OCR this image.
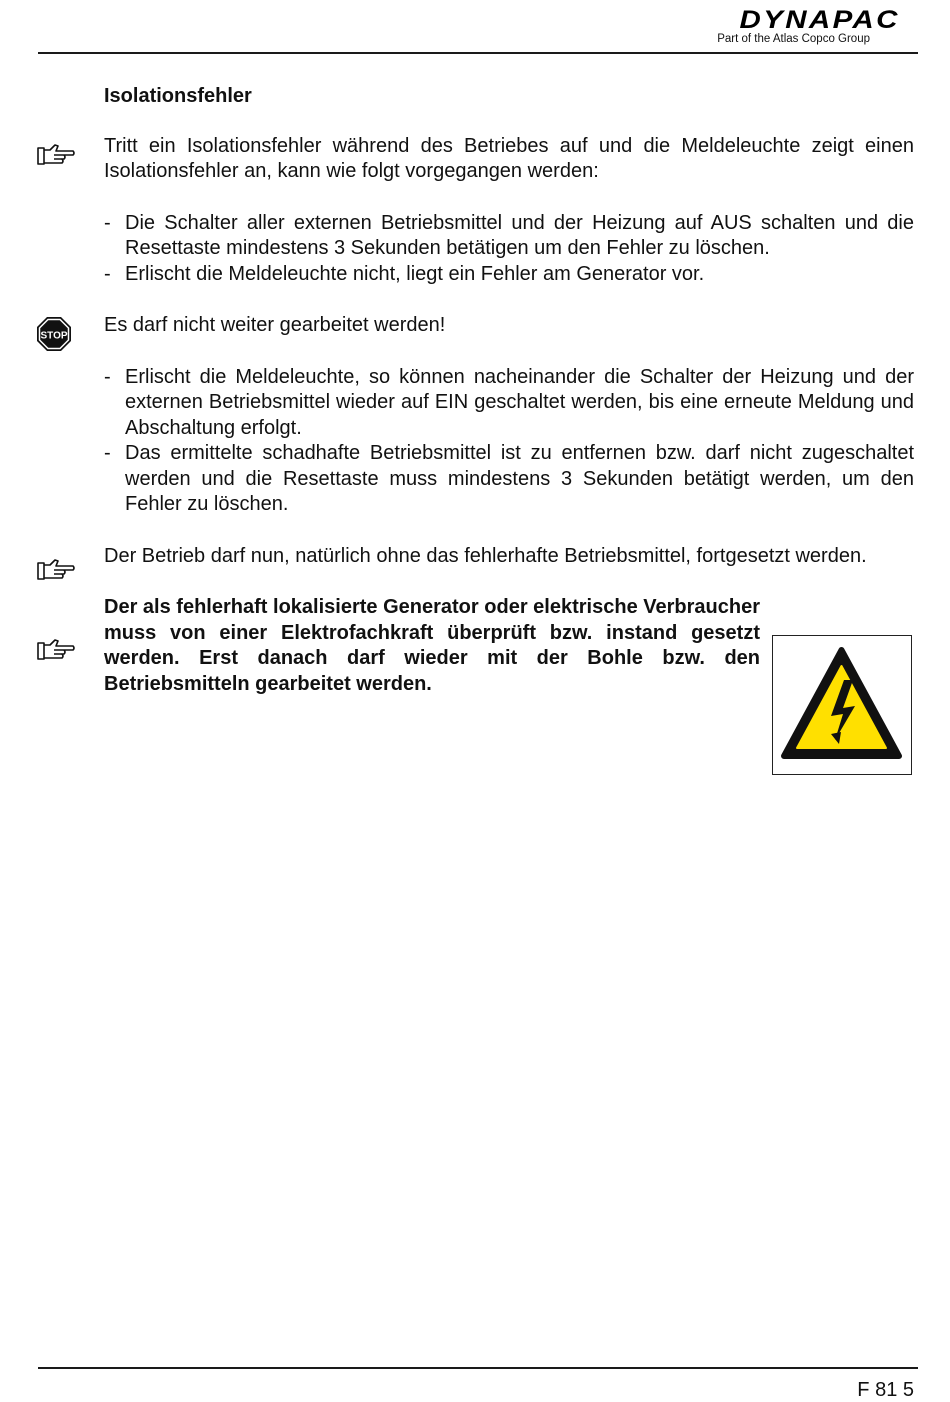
DYNAPAC
Part of the Atlas Copco Group
STOP

Isolationsfehler

Tritt ein Isolationsfehler während des Betriebes auf und die Meldeleuchte zeigt einen Isolationsfehler an, kann wie folgt vorgegangen werden:

- Die Schalter aller externen Betriebsmittel und der Heizung auf AUS schalten und die Resettaste mindestens 3 Sekunden betätigen um den Fehler zu löschen.
- Erlischt die Meldeleuchte nicht, liegt ein Fehler am Generator vor.

Es darf nicht weiter gearbeitet werden!

- Erlischt die Meldeleuchte, so können nacheinander die Schalter der Heizung und der externen Betriebsmittel wieder auf EIN geschaltet werden, bis eine erneute Meldung und Abschaltung erfolgt.
- Das ermittelte schadhafte Betriebsmittel ist zu entfernen bzw. darf nicht zugeschaltet werden und die Resettaste muss mindestens 3 Sekunden betätigt werden, um den Fehler zu löschen.

Der Betrieb darf nun, natürlich ohne das fehlerhafte Betriebsmittel, fortgesetzt werden.

Der als fehlerhaft lokalisierte Generator oder elektrische Verbraucher muss von einer Elektrofachkraft überprüft bzw. instand gesetzt werden. Erst danach darf wieder mit der Bohle bzw. den Betriebsmitteln gearbeitet werden.

F 81 5
